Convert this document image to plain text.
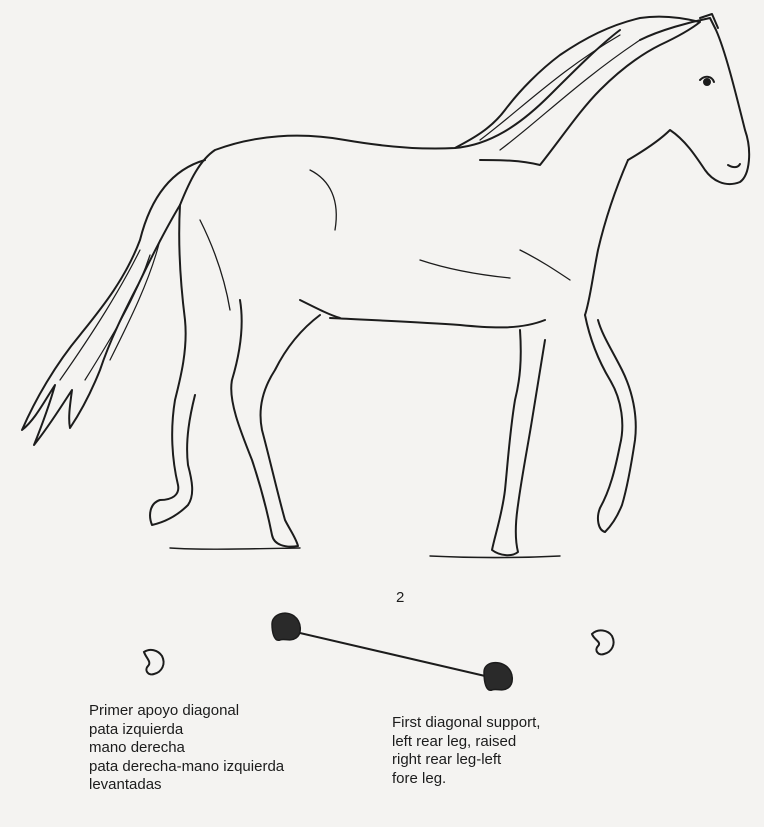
2
Primer apoyo diagonal
pata izquierda
mano derecha
pata derecha-mano izquierda
levantadas
First diagonal support,
left rear leg, raised
right rear leg-left
fore leg.
